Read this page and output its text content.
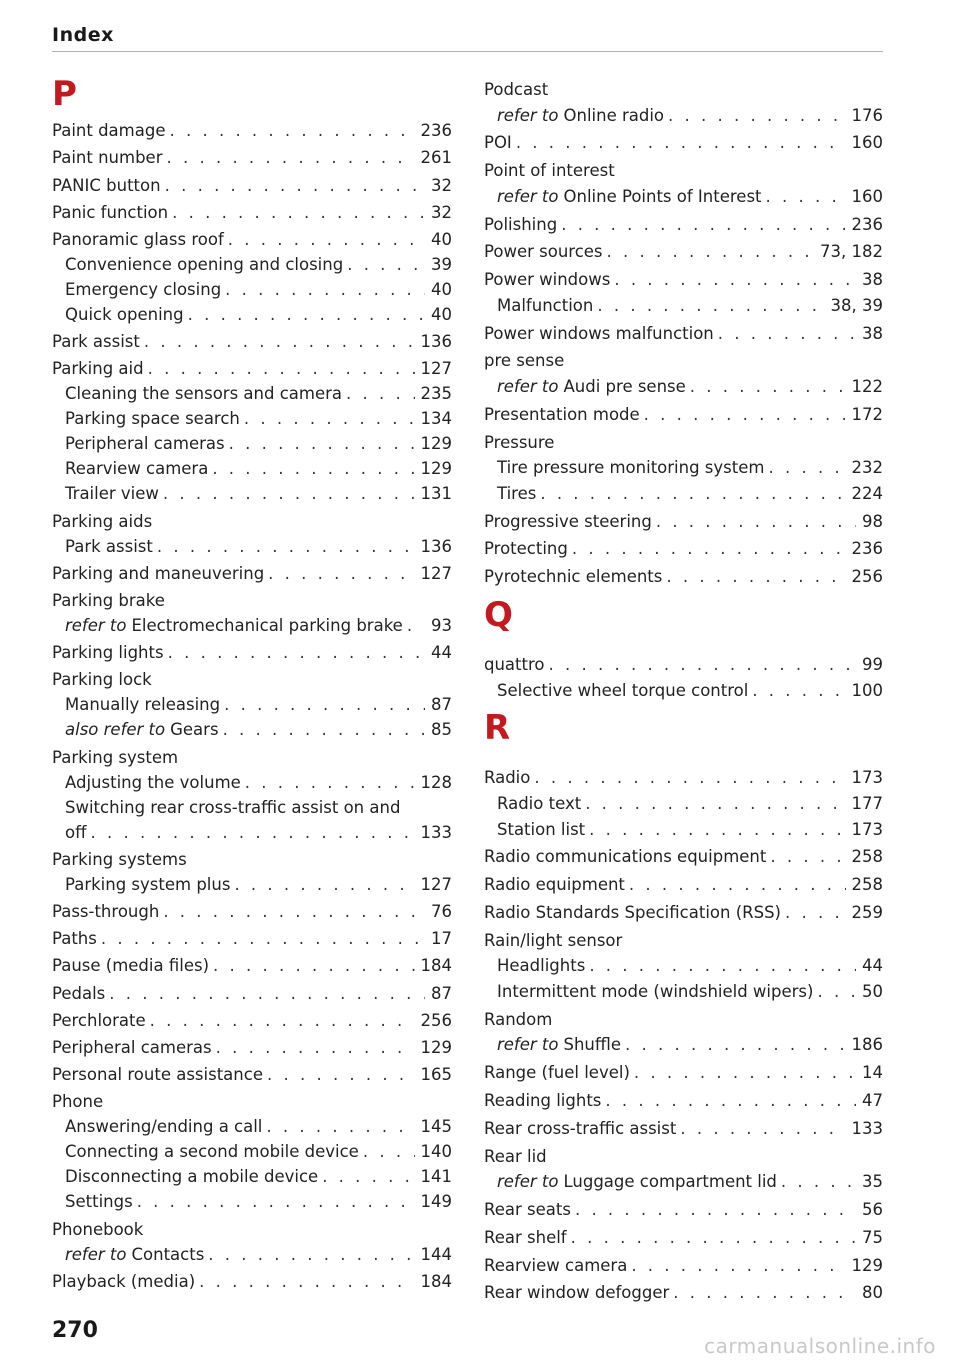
Index
P
Paint damage . . .	236
Paint number . . .	261
PANIC button . . .	32
Panic function . . .	32
Panoramic glass roof . . .	40
Convenience opening and closing . . .	39
Emergency closing . . .	40
Quick opening . . .	40
Park assist . . .	136
Parking aid . . .	127
Cleaning the sensors and camera . . .	235
Parking space search . . .	134
Peripheral cameras . . .	129
Rearview camera . . .	129
Trailer view . . .	131
Parking aids
Park assist . . .	136
Parking and maneuvering . . .	127
Parking brake
refer to Electromechanical parking brake . . . 93
Parking lights . . .	44
Parking lock
Manually releasing . . .	87
also refer to Gears . . .	85
Parking system
Adjusting the volume . . .	128
Switching rear cross-traffic assist on and
off . . .	133
Parking systems
Parking system plus . . .	127
Pass-through . . .	76
Paths . . .	17
Pause (media files) . . .	184
Pedals . . .	87
Perchlorate . . .	256
Peripheral cameras . . .	129
Personal route assistance . . .	165
Phone
Answering/ending a call . . .	145
Connecting a second mobile device . . .	140
Disconnecting a mobile device . . .	141
Settings . . .	149
Phonebook
refer to Contacts . . .	144
Playback (media) . . .	184
Podcast
refer to Online radio . . .	176
POI . . .	160
Point of interest
refer to Online Points of Interest . . .	160
Polishing . . .	236
Power sources . . .	73, 182
Power windows . . .	38
Malfunction . . .	38, 39
Power windows malfunction . . .	38
pre sense
refer to Audi pre sense . . .	122
Presentation mode . . .	172
Pressure
Tire pressure monitoring system . . .	232
Tires . . .	224
Progressive steering . . .	98
Protecting . . .	236
Pyrotechnic elements . . .	256
Q
quattro . . .	99
Selective wheel torque control . . .	100
R
Radio . . .	173
Radio text . . .	177
Station list . . .	173
Radio communications equipment . . .	258
Radio equipment . . .	258
Radio Standards Specification (RSS) . . .	259
Rain/light sensor
Headlights . . .	44
Intermittent mode (windshield wipers) . . .	50
Random
refer to Shuffle . . .	186
Range (fuel level) . . .	14
Reading lights . . .	47
Rear cross-traffic assist . . .	133
Rear lid
refer to Luggage compartment lid . . .	35
Rear seats . . .	56
Rear shelf . . .	75
Rearview camera . . .	129
Rear window defogger . . .	80
270
carmanualsonline.info
